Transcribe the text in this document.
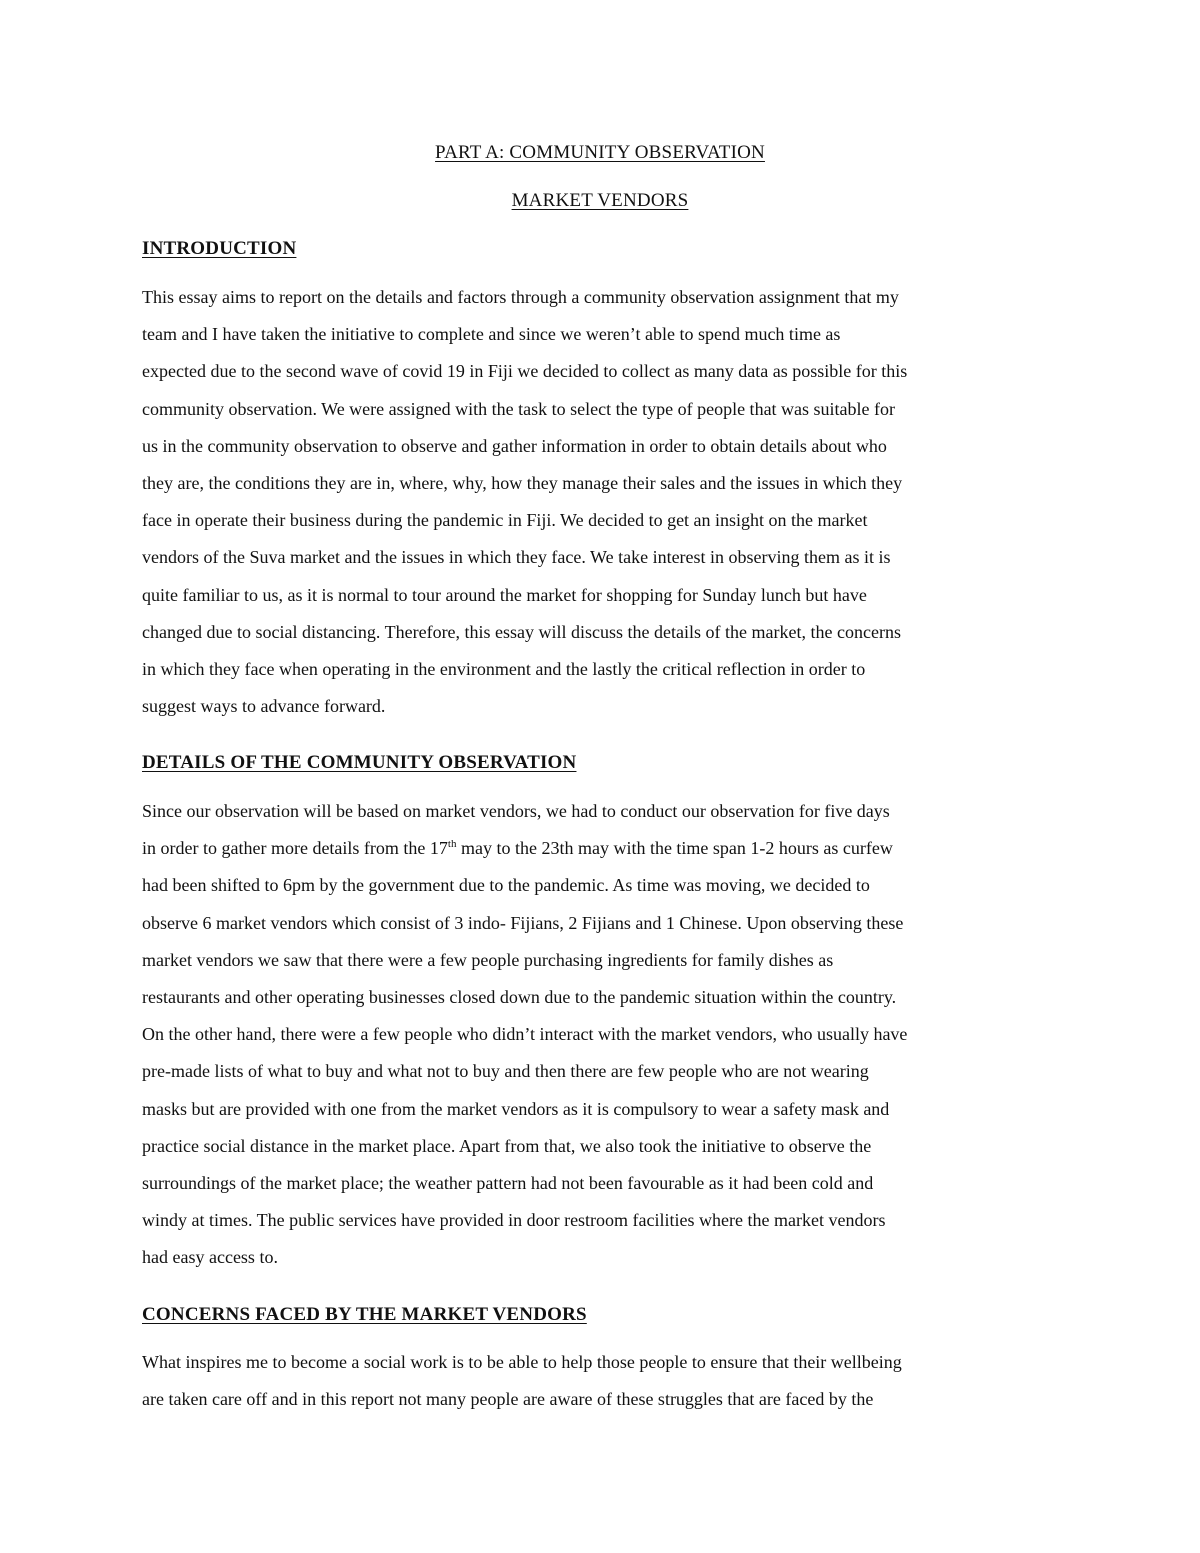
PART A: COMMUNITY OBSERVATION
MARKET VENDORS
INTRODUCTION
This essay aims to report on the details and factors through a community observation assignment that my
team and I have taken the initiative to complete and since we weren’t able to spend much time as
expected due to the second wave of covid 19 in Fiji we decided to collect as many data as possible for this
community observation. We were assigned with the task to select the type of people that was suitable for
us in the community observation to observe and gather information in order to obtain details about who
they are, the conditions they are in, where, why, how they manage their sales and the issues in which they
face in operate their business during the pandemic in Fiji. We decided to get an insight on the market
vendors of the Suva market and the issues in which they face. We take interest in observing them as it is
quite familiar to us, as it is normal to tour around the market for shopping for Sunday lunch but have
changed due to social distancing. Therefore, this essay will discuss the details of the market, the concerns
in which they face when operating in the environment and the lastly the critical reflection in order to
suggest ways to advance forward.
DETAILS OF THE COMMUNITY OBSERVATION
Since our observation will be based on market vendors, we had to conduct our observation for five days
in order to gather more details from the 17th may to the 23th may with the time span 1-2 hours as curfew
had been shifted to 6pm by the government due to the pandemic. As time was moving, we decided to
observe 6 market vendors which consist of 3 indo- Fijians, 2 Fijians and 1 Chinese. Upon observing these
market vendors we saw that there were a few people purchasing ingredients for family dishes as
restaurants and other operating businesses closed down due to the pandemic situation within the country.
On the other hand, there were a few people who didn’t interact with the market vendors, who usually have
pre-made lists of what to buy and what not to buy and then there are few people who are not wearing
masks but are provided with one from the market vendors as it is compulsory to wear a safety mask and
practice social distance in the market place. Apart from that, we also took the initiative to observe the
surroundings of the market place; the weather pattern had not been favourable as it had been cold and
windy at times. The public services have provided in door restroom facilities where the market vendors
had easy access to.
CONCERNS FACED BY THE MARKET VENDORS
What inspires me to become a social work is to be able to help those people to ensure that their wellbeing
are taken care off and in this report not many people are aware of these struggles that are faced by the
